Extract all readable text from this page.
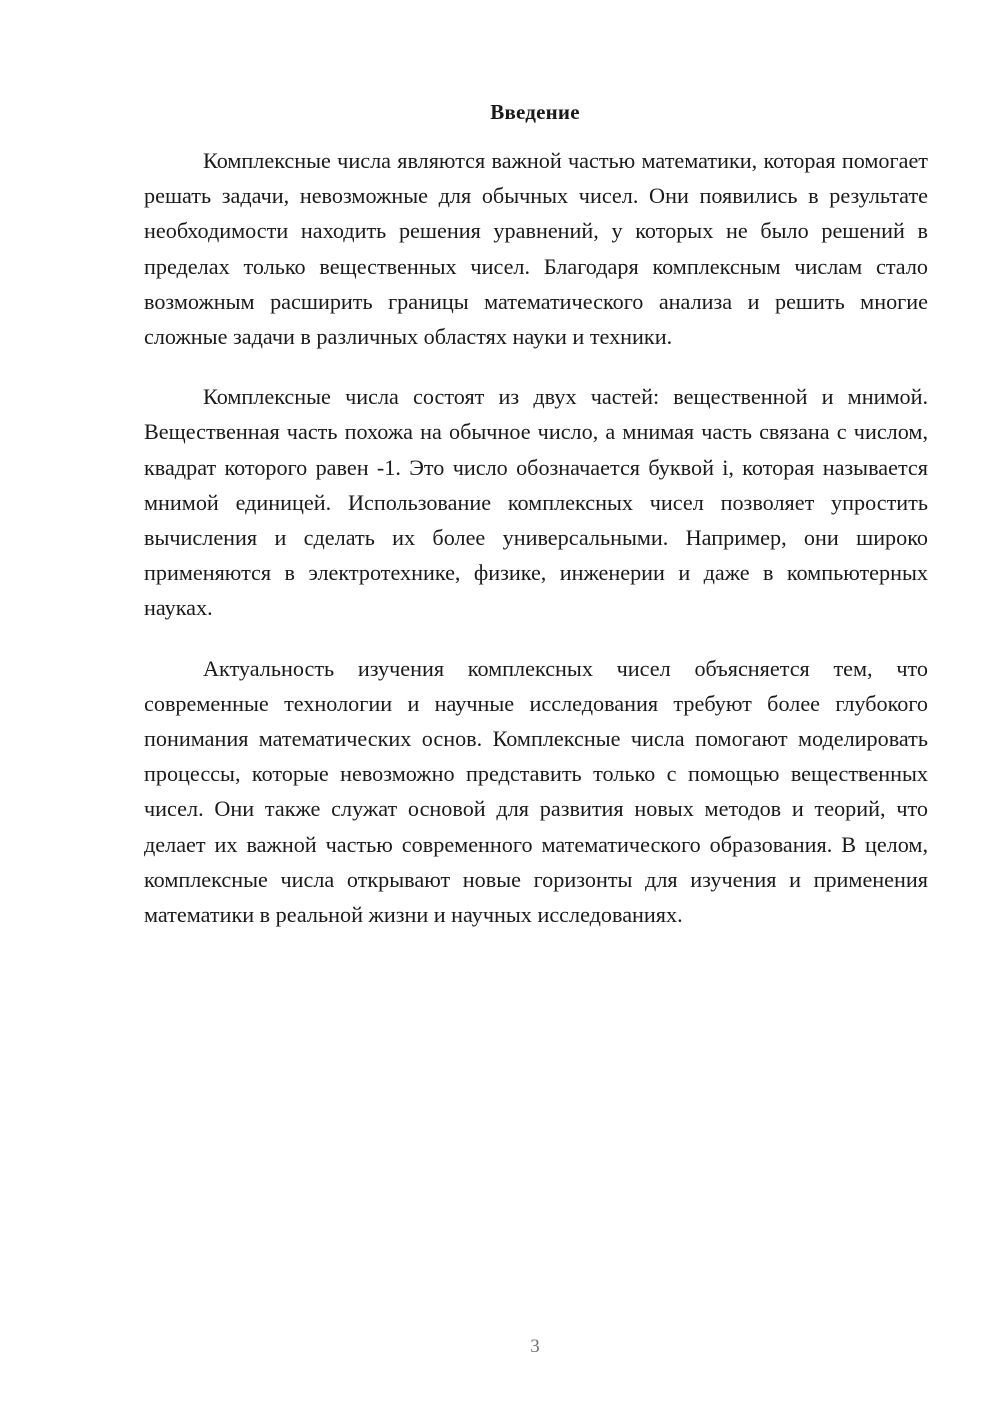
Введение

Комплексные числа являются важной частью математики, которая помогает решать задачи, невозможные для обычных чисел. Они появились в результате необходимости находить решения уравнений, у которых не было решений в пределах только вещественных чисел. Благодаря комплексным числам стало возможным расширить границы математического анализа и решить многие сложные задачи в различных областях науки и техники.

Комплексные числа состоят из двух частей: вещественной и мнимой. Вещественная часть похожа на обычное число, а мнимая часть связана с числом, квадрат которого равен -1. Это число обозначается буквой i, которая называется мнимой единицей. Использование комплексных чисел позволяет упростить вычисления и сделать их более универсальными. Например, они широко применяются в электротехнике, физике, инженерии и даже в компьютерных науках.

Актуальность изучения комплексных чисел объясняется тем, что современные технологии и научные исследования требуют более глубокого понимания математических основ. Комплексные числа помогают моделировать процессы, которые невозможно представить только с помощью вещественных чисел. Они также служат основой для развития новых методов и теорий, что делает их важной частью современного математического образования. В целом, комплексные числа открывают новые горизонты для изучения и применения математики в реальной жизни и научных исследованиях.

3
